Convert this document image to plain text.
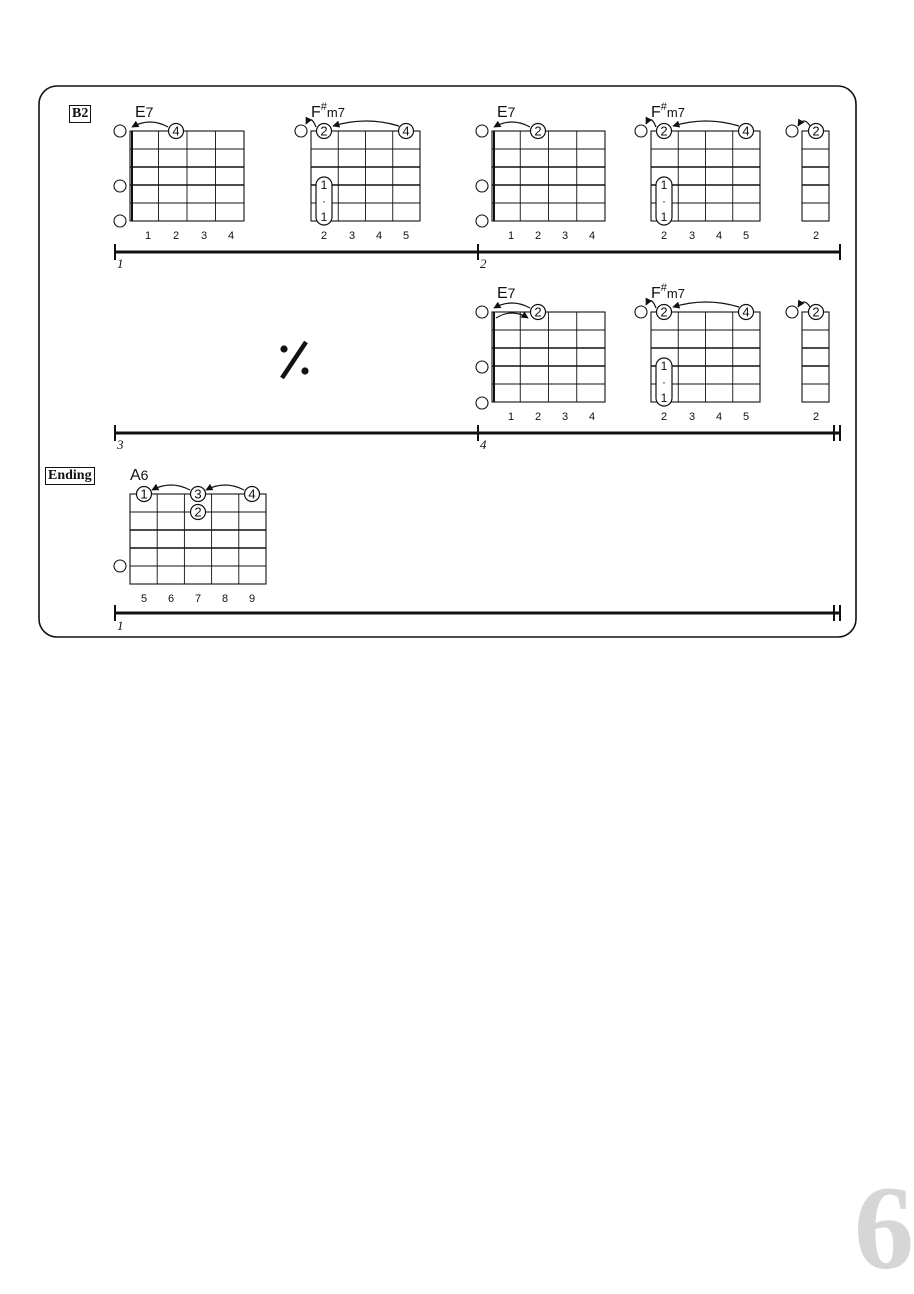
B2
Ending
1	2
3	4
%
1
1 2 3 4
E7
4
2 3 4 5
$F^{\#}_{m7}$
2	4
1
·
1
1 2 3 4
E7
2
2 3 4 5
$F^{\#}_{m7}$
2	4
1
·
1
2
2
1 2 3 4
E7
2
2 3 4 5
$F^{\#}_{m7}$
2	4
1
·
1
2
2
5 6 7 8 9
A6
1	3
2
4
6
